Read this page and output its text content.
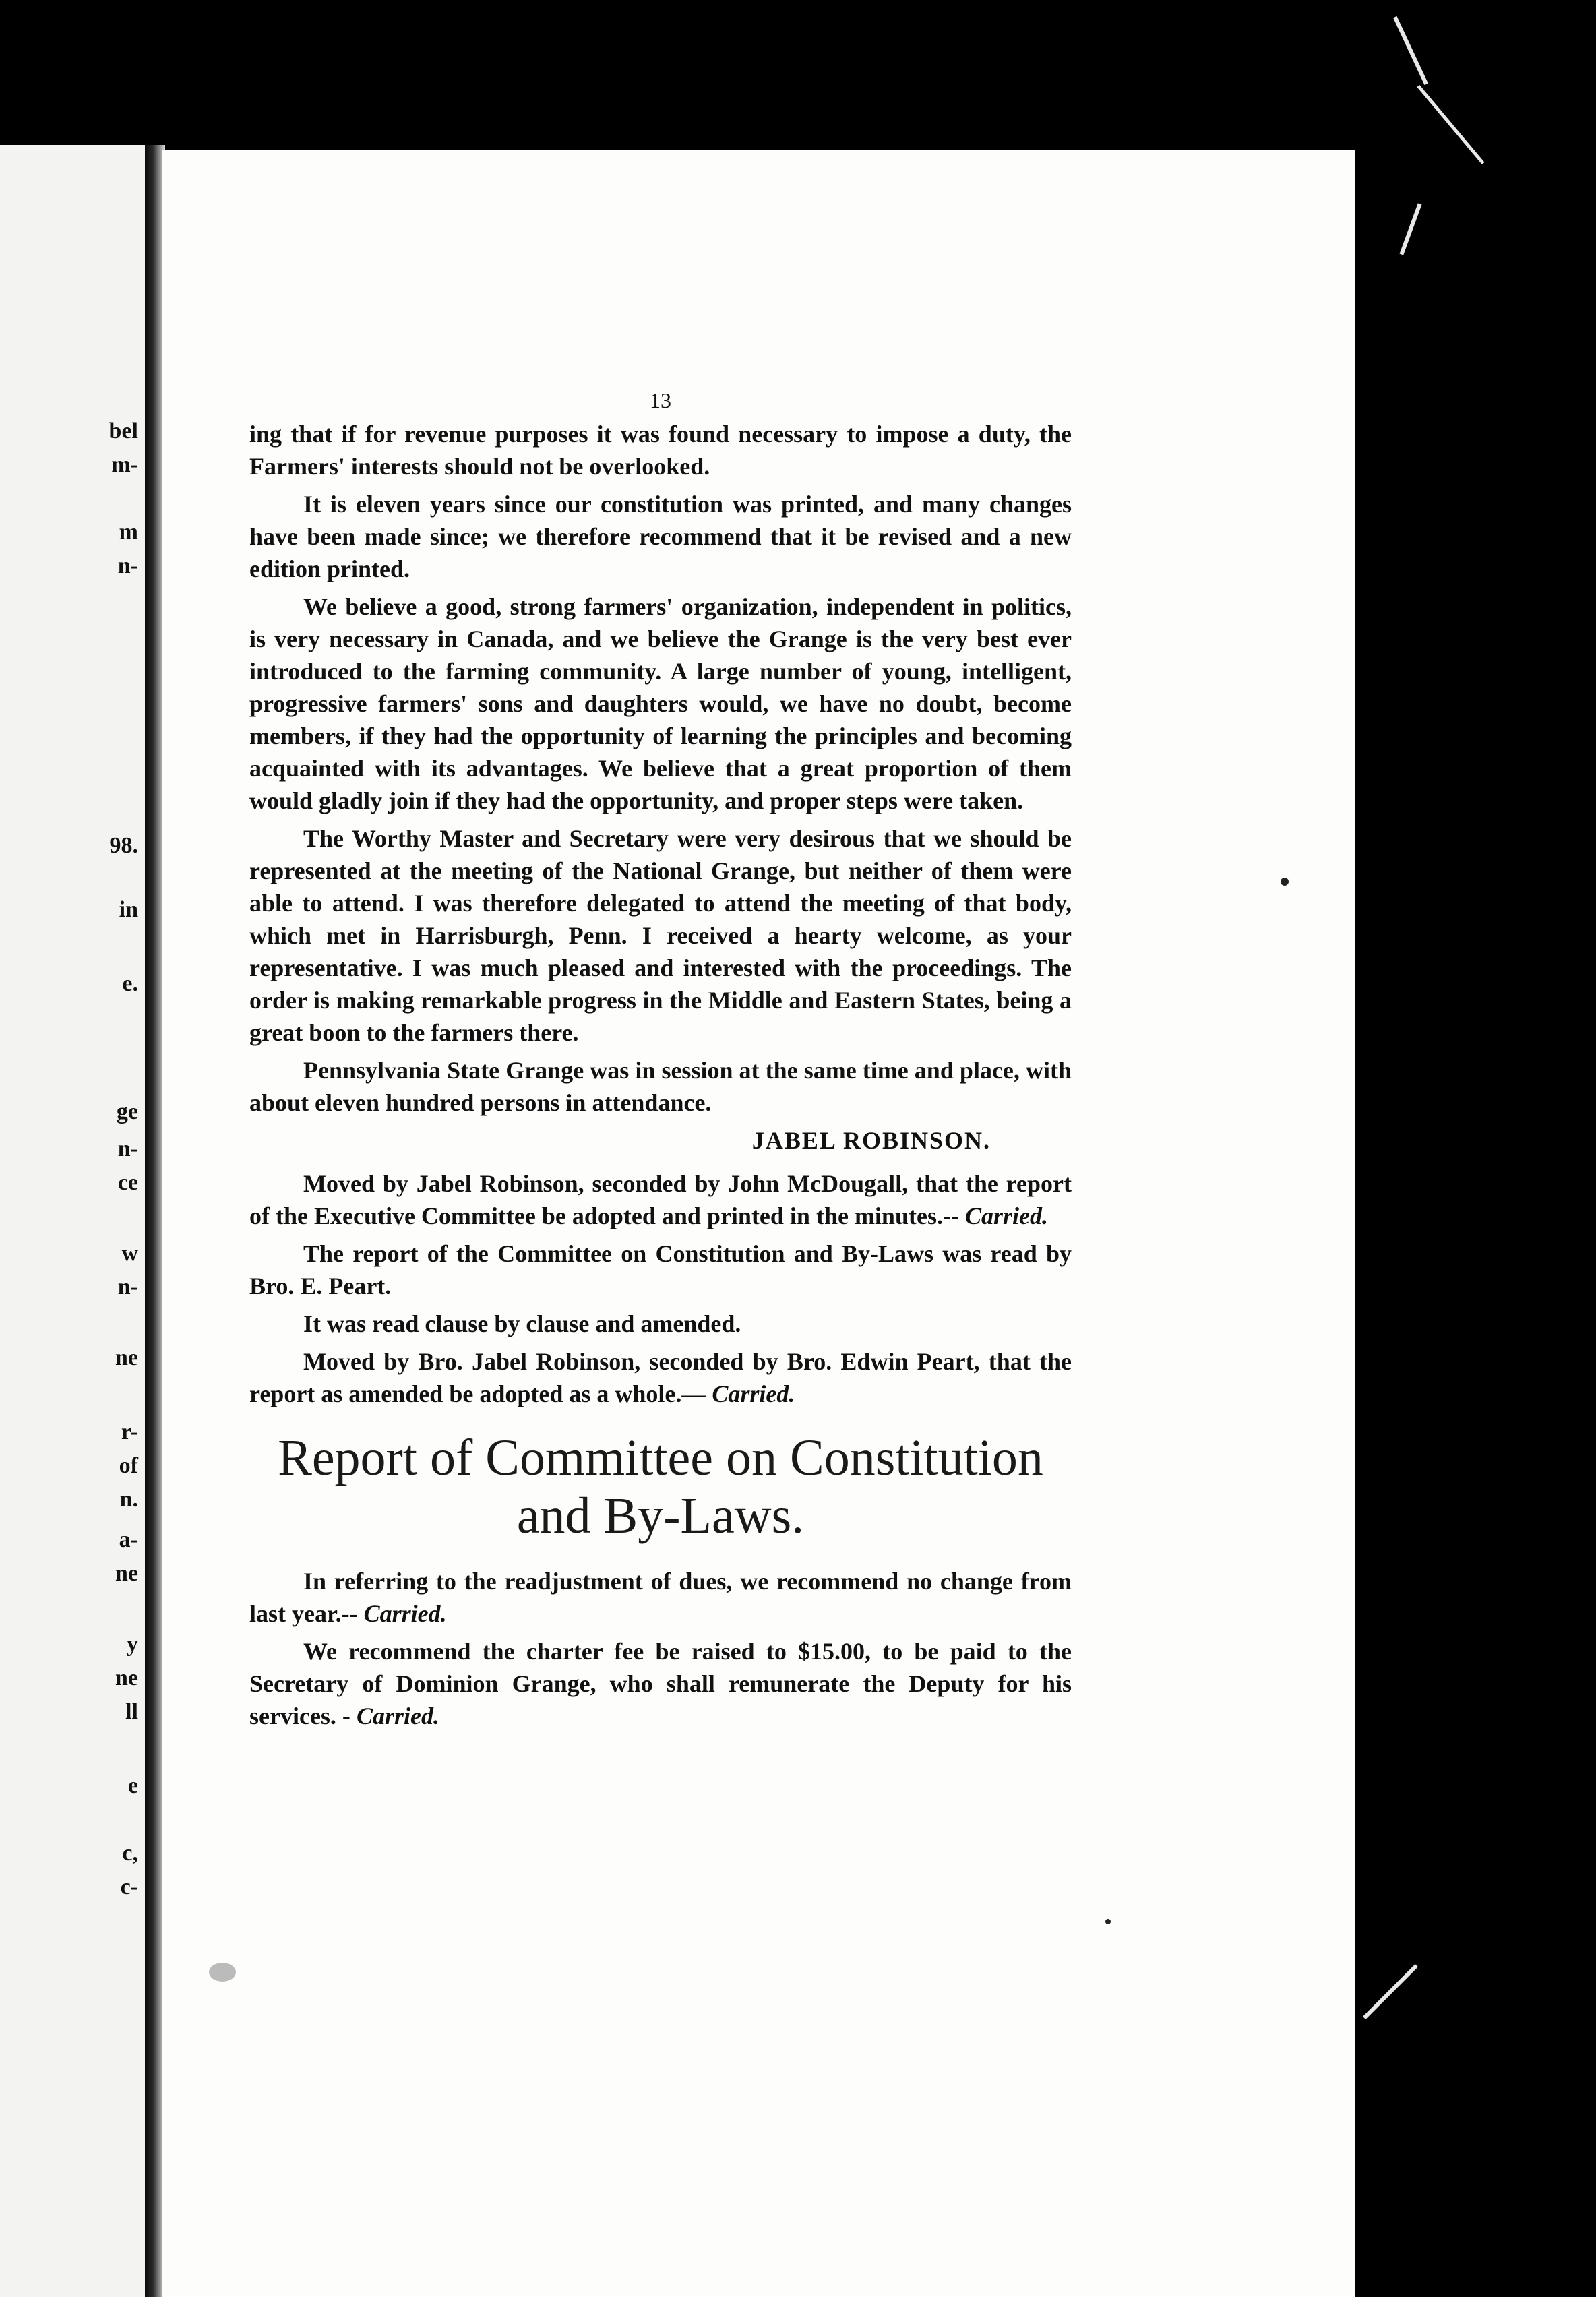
bel
m-
m
n-
98.
in
e.
ge
n-
ce
w
n-
ne
r-
of
n.
a-
ne
y
ne
ll
e
c,
c-
13

ing that if for revenue purposes it was found necessary to impose a duty, the Farmers' interests should not be overlooked.

It is eleven years since our constitution was printed, and many changes have been made since; we therefore recommend that it be revised and a new edition printed.

We believe a good, strong farmers' organization, independent in politics, is very necessary in Canada, and we believe the Grange is the very best ever introduced to the farming community. A large number of young, intelligent, progressive farmers' sons and daughters would, we have no doubt, become members, if they had the opportunity of learning the principles and becoming acquainted with its advantages. We believe that a great proportion of them would gladly join if they had the opportunity, and proper steps were taken.

The Worthy Master and Secretary were very desirous that we should be represented at the meeting of the National Grange, but neither of them were able to attend. I was therefore delegated to attend the meeting of that body, which met in Harrisburgh, Penn. I received a hearty welcome, as your representative. I was much pleased and interested with the proceedings. The order is making remarkable progress in the Middle and Eastern States, being a great boon to the farmers there.

Pennsylvania State Grange was in session at the same time and place, with about eleven hundred persons in attendance.

JABEL ROBINSON.

Moved by Jabel Robinson, seconded by John McDougall, that the report of the Executive Committee be adopted and printed in the minutes.-- Carried.

The report of the Committee on Constitution and By-Laws was read by Bro. E. Peart.

It was read clause by clause and amended.

Moved by Bro. Jabel Robinson, seconded by Bro. Edwin Peart, that the report as amended be adopted as a whole.— Carried.

Report of Committee on Constitution
and By-Laws.

In referring to the readjustment of dues, we recommend no change from last year.-- Carried.

We recommend the charter fee be raised to $15.00, to be paid to the Secretary of Dominion Grange, who shall remunerate the Deputy for his services. - Carried.
